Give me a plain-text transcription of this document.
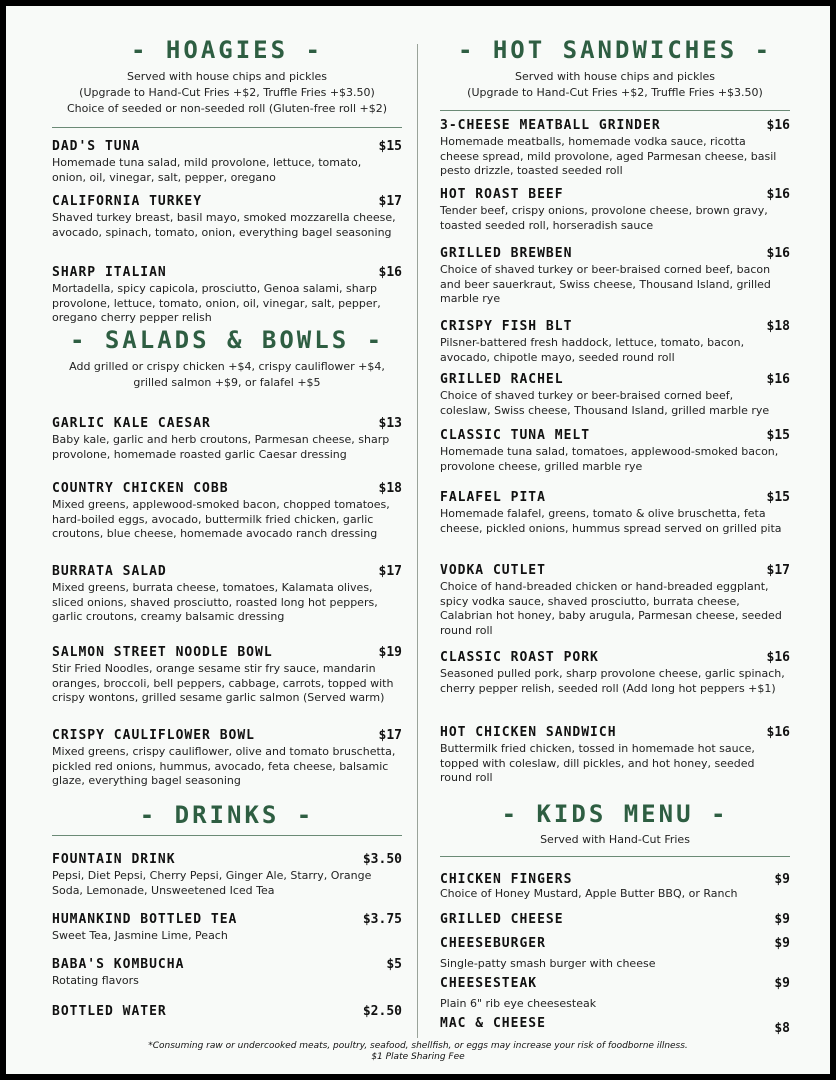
- HOAGIES -
Served with house chips and pickles
(Upgrade to Hand-Cut Fries +$2, Truffle Fries +$3.50)
Choice of seeded or non-seeded roll (Gluten-free roll +$2)
DAD'S TUNA	$15
Homemade tuna salad, mild provolone, lettuce, tomato, onion, oil, vinegar, salt, pepper, oregano
CALIFORNIA TURKEY	$17
Shaved turkey breast, basil mayo, smoked mozzarella cheese, avocado, spinach, tomato, onion, everything bagel seasoning
SHARP ITALIAN	$16
Mortadella, spicy capicola, prosciutto, Genoa salami, sharp provolone, lettuce, tomato, onion, oil, vinegar, salt, pepper, oregano cherry pepper relish
- SALADS & BOWLS -
Add grilled or crispy chicken +$4, crispy cauliflower +$4,
grilled salmon +$9, or falafel +$5
GARLIC KALE CAESAR	$13
Baby kale, garlic and herb croutons, Parmesan cheese, sharp provolone, homemade roasted garlic Caesar dressing
COUNTRY CHICKEN COBB	$18
Mixed greens, applewood-smoked bacon, chopped tomatoes, hard-boiled eggs, avocado, buttermilk fried chicken, garlic croutons, blue cheese, homemade avocado ranch dressing
BURRATA SALAD	$17
Mixed greens, burrata cheese, tomatoes, Kalamata olives, sliced onions, shaved prosciutto, roasted long hot peppers, garlic croutons, creamy balsamic dressing
SALMON STREET NOODLE BOWL	$19
Stir Fried Noodles, orange sesame stir fry sauce, mandarin oranges, broccoli, bell peppers, cabbage, carrots, topped with crispy wontons, grilled sesame garlic salmon (Served warm)
CRISPY CAULIFLOWER BOWL	$17
Mixed greens, crispy cauliflower, olive and tomato bruschetta, pickled red onions, hummus, avocado, feta cheese, balsamic glaze, everything bagel seasoning
- DRINKS -
FOUNTAIN DRINK	$3.50
Pepsi, Diet Pepsi, Cherry Pepsi, Ginger Ale, Starry, Orange Soda, Lemonade, Unsweetened Iced Tea
HUMANKIND BOTTLED TEA	$3.75
Sweet Tea, Jasmine Lime, Peach
BABA'S KOMBUCHA	$5
Rotating flavors
BOTTLED WATER	$2.50
- HOT SANDWICHES -
Served with house chips and pickles
(Upgrade to Hand-Cut Fries +$2, Truffle Fries +$3.50)
3-CHEESE MEATBALL GRINDER	$16
Homemade meatballs, homemade vodka sauce, ricotta cheese spread, mild provolone, aged Parmesan cheese, basil pesto drizzle, toasted seeded roll
HOT ROAST BEEF	$16
Tender beef, crispy onions, provolone cheese, brown gravy, toasted seeded roll, horseradish sauce
GRILLED BREWBEN	$16
Choice of shaved turkey or beer-braised corned beef, bacon and beer sauerkraut, Swiss cheese, Thousand Island, grilled marble rye
CRISPY FISH BLT	$18
Pilsner-battered fresh haddock, lettuce, tomato, bacon, avocado, chipotle mayo, seeded round roll
GRILLED RACHEL	$16
Choice of shaved turkey or beer-braised corned beef, coleslaw, Swiss cheese, Thousand Island, grilled marble rye
CLASSIC TUNA MELT	$15
Homemade tuna salad, tomatoes, applewood-smoked bacon, provolone cheese, grilled marble rye
FALAFEL PITA	$15
Homemade falafel, greens, tomato & olive bruschetta, feta cheese, pickled onions, hummus spread served on grilled pita
VODKA CUTLET	$17
Choice of hand-breaded chicken or hand-breaded eggplant, spicy vodka sauce, shaved prosciutto, burrata cheese, Calabrian hot honey, baby arugula, Parmesan cheese, seeded round roll
CLASSIC ROAST PORK	$16
Seasoned pulled pork, sharp provolone cheese, garlic spinach, cherry pepper relish, seeded roll (Add long hot peppers +$1)
HOT CHICKEN SANDWICH	$16
Buttermilk fried chicken, tossed in homemade hot sauce, topped with coleslaw, dill pickles, and hot honey, seeded round roll
- KIDS MENU -
Served with Hand-Cut Fries
CHICKEN FINGERS	$9
Choice of Honey Mustard, Apple Butter BBQ, or Ranch
GRILLED CHEESE	$9
CHEESEBURGER	$9
Single-patty smash burger with cheese
CHEESESTEAK	$9
Plain 6" rib eye cheesesteak
MAC & CHEESE	$8
*Consuming raw or undercooked meats, poultry, seafood, shellfish, or eggs may increase your risk of foodborne illness.
$1 Plate Sharing Fee
